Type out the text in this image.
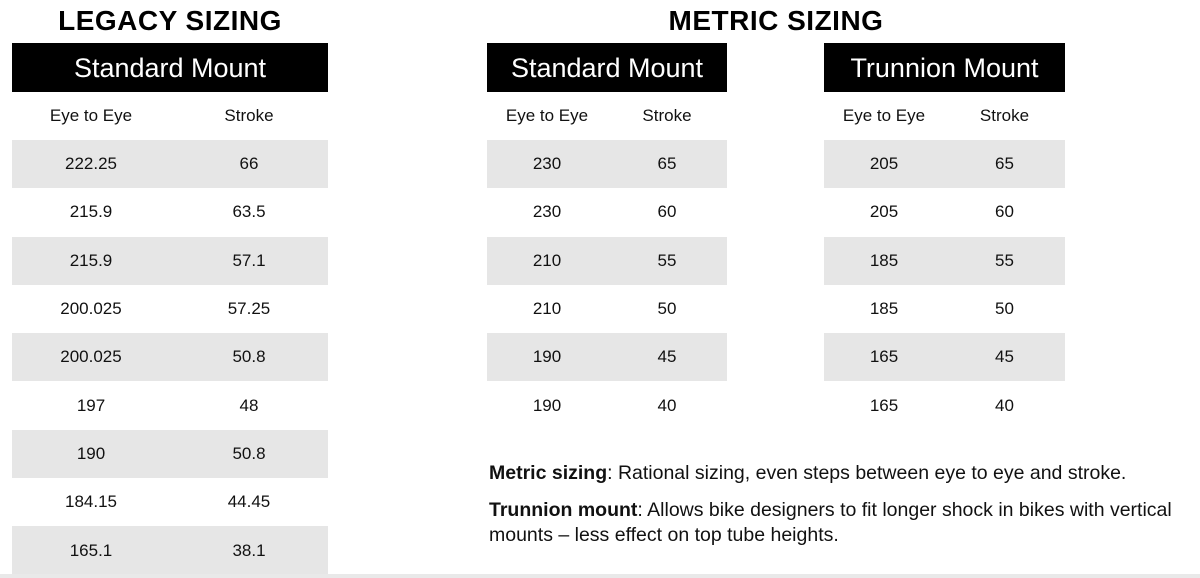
LEGACY SIZING	METRIC SIZING
Standard Mount
Eye to Eye	Stroke
222.25	66
215.9	63.5
215.9	57.1
200.025	57.25
200.025	50.8
197	48
190	50.8
184.15	44.45
165.1	38.1
Standard Mount
Eye to Eye	Stroke
230	65
230	60
210	55
210	50
190	45
190	40
Trunnion Mount
Eye to Eye	Stroke
205	65
205	60
185	55
185	50
165	45
165	40

Metric sizing: Rational sizing, even steps between eye to eye and stroke.

Trunnion mount: Allows bike designers to fit longer shock in bikes with vertical mounts – less effect on top tube heights.
